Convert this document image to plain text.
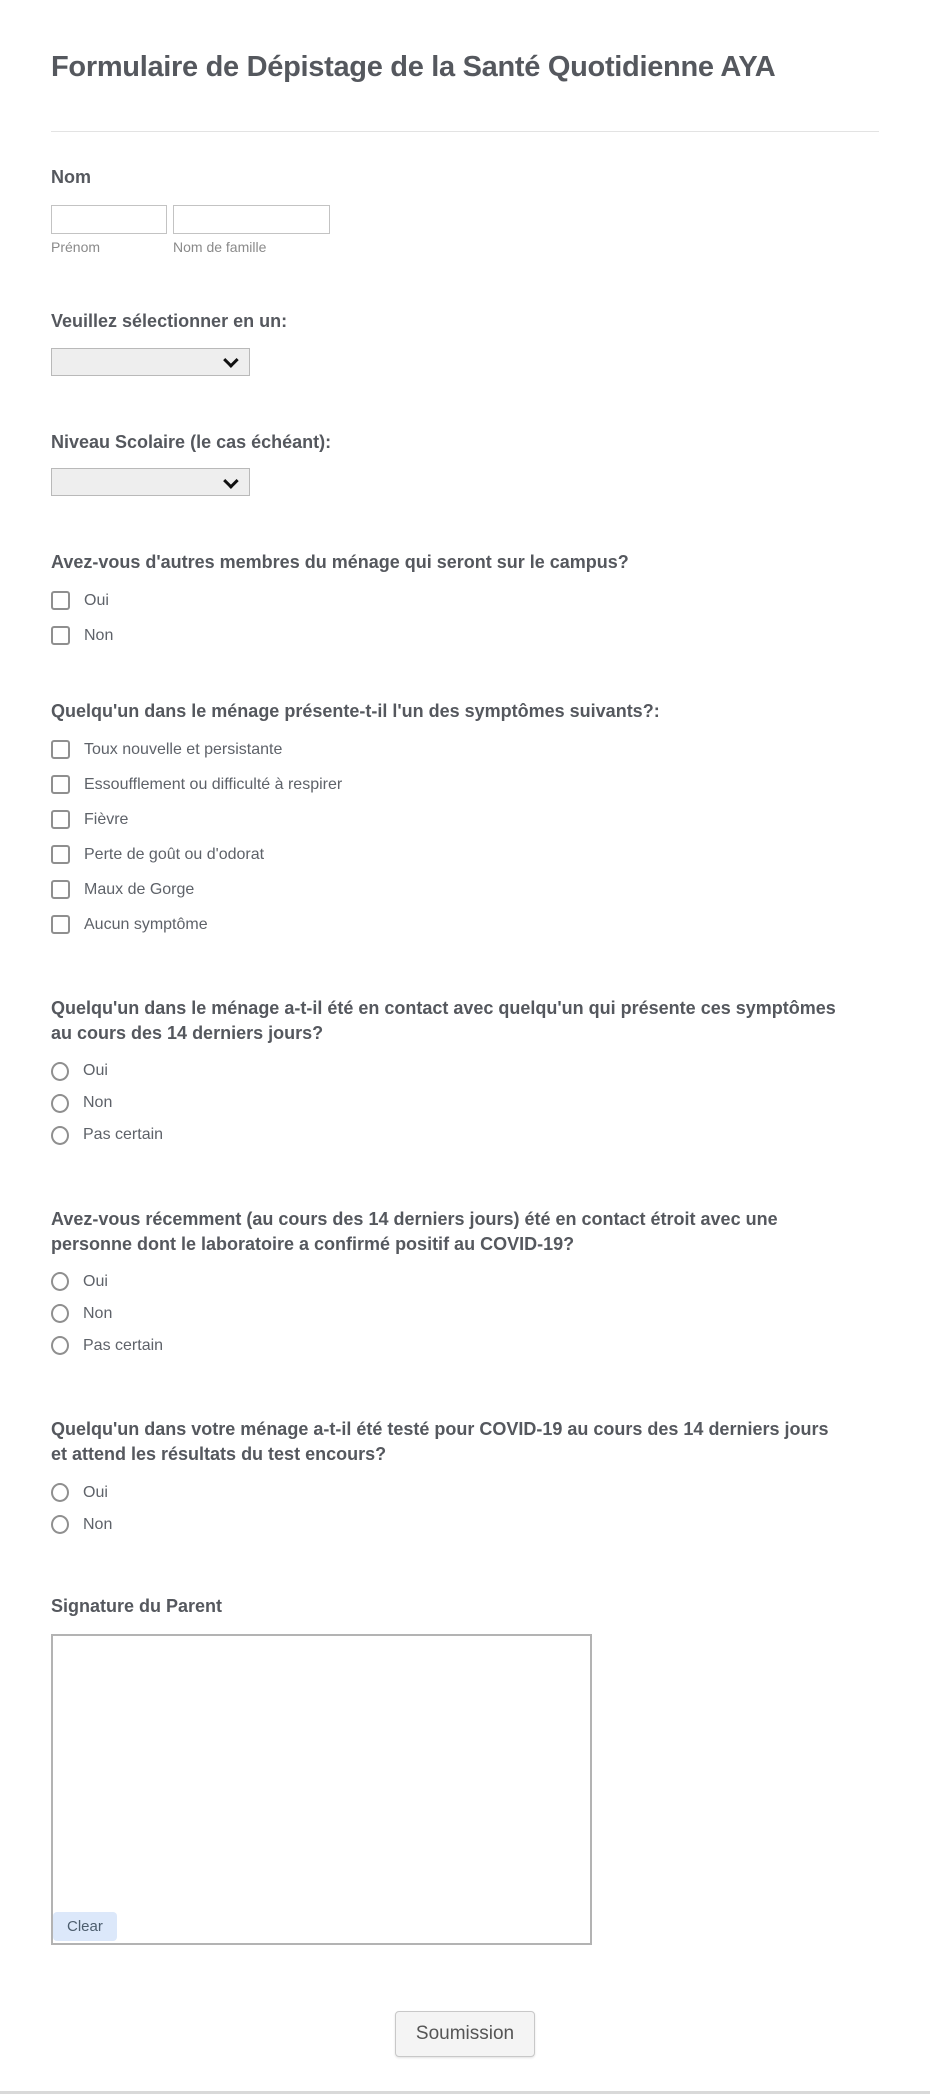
Formulaire de Dépistage de la Santé Quotidienne AYA

Nom

Prénom	Nom de famille

Veuillez sélectionner en un:

Niveau Scolaire (le cas échéant):

Avez-vous d'autres membres du ménage qui seront sur le campus?

Oui
Non

Quelqu'un dans le ménage présente-t-il l'un des symptômes suivants?:

Toux nouvelle et persistante
Essoufflement ou difficulté à respirer
Fièvre
Perte de goût ou d'odorat
Maux de Gorge
Aucun symptôme

Quelqu'un dans le ménage a-t-il été en contact avec quelqu'un qui présente ces symptômes au cours des 14 derniers jours?

Oui
Non
Pas certain

Avez-vous récemment (au cours des 14 derniers jours) été en contact étroit avec une personne dont le laboratoire a confirmé positif au COVID-19?

Oui
Non
Pas certain

Quelqu'un dans votre ménage a-t-il été testé pour COVID-19 au cours des 14 derniers jours et attend les résultats du test encours?

Oui
Non

Signature du Parent

Clear
Soumission
